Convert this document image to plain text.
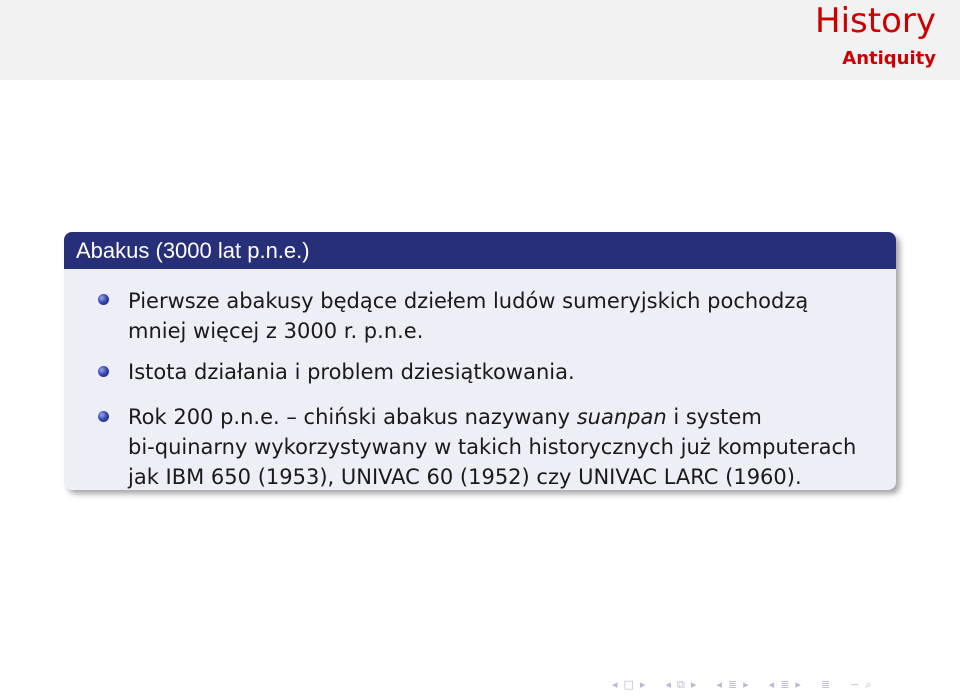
History
Antiquity
Abakus (3000 lat p.n.e.)
Pierwsze abakusy będące dziełem ludów sumeryjskich pochodzą
mniej więcej z 3000 r. p.n.e.
Istota działania i problem dziesiątkowania.
Rok 200 p.n.e. – chiński abakus nazywany suanpan i system
bi-quinarny wykorzystywany w takich historycznych już komputerach
jak IBM 650 (1953), UNIVAC 60 (1952) czy UNIVAC LARC (1960).
◂ □ ▸ ◂ ⧉ ▸ ◂ ≣ ▸ ◂ ≣ ▸ ≣ ∽ ⌕
